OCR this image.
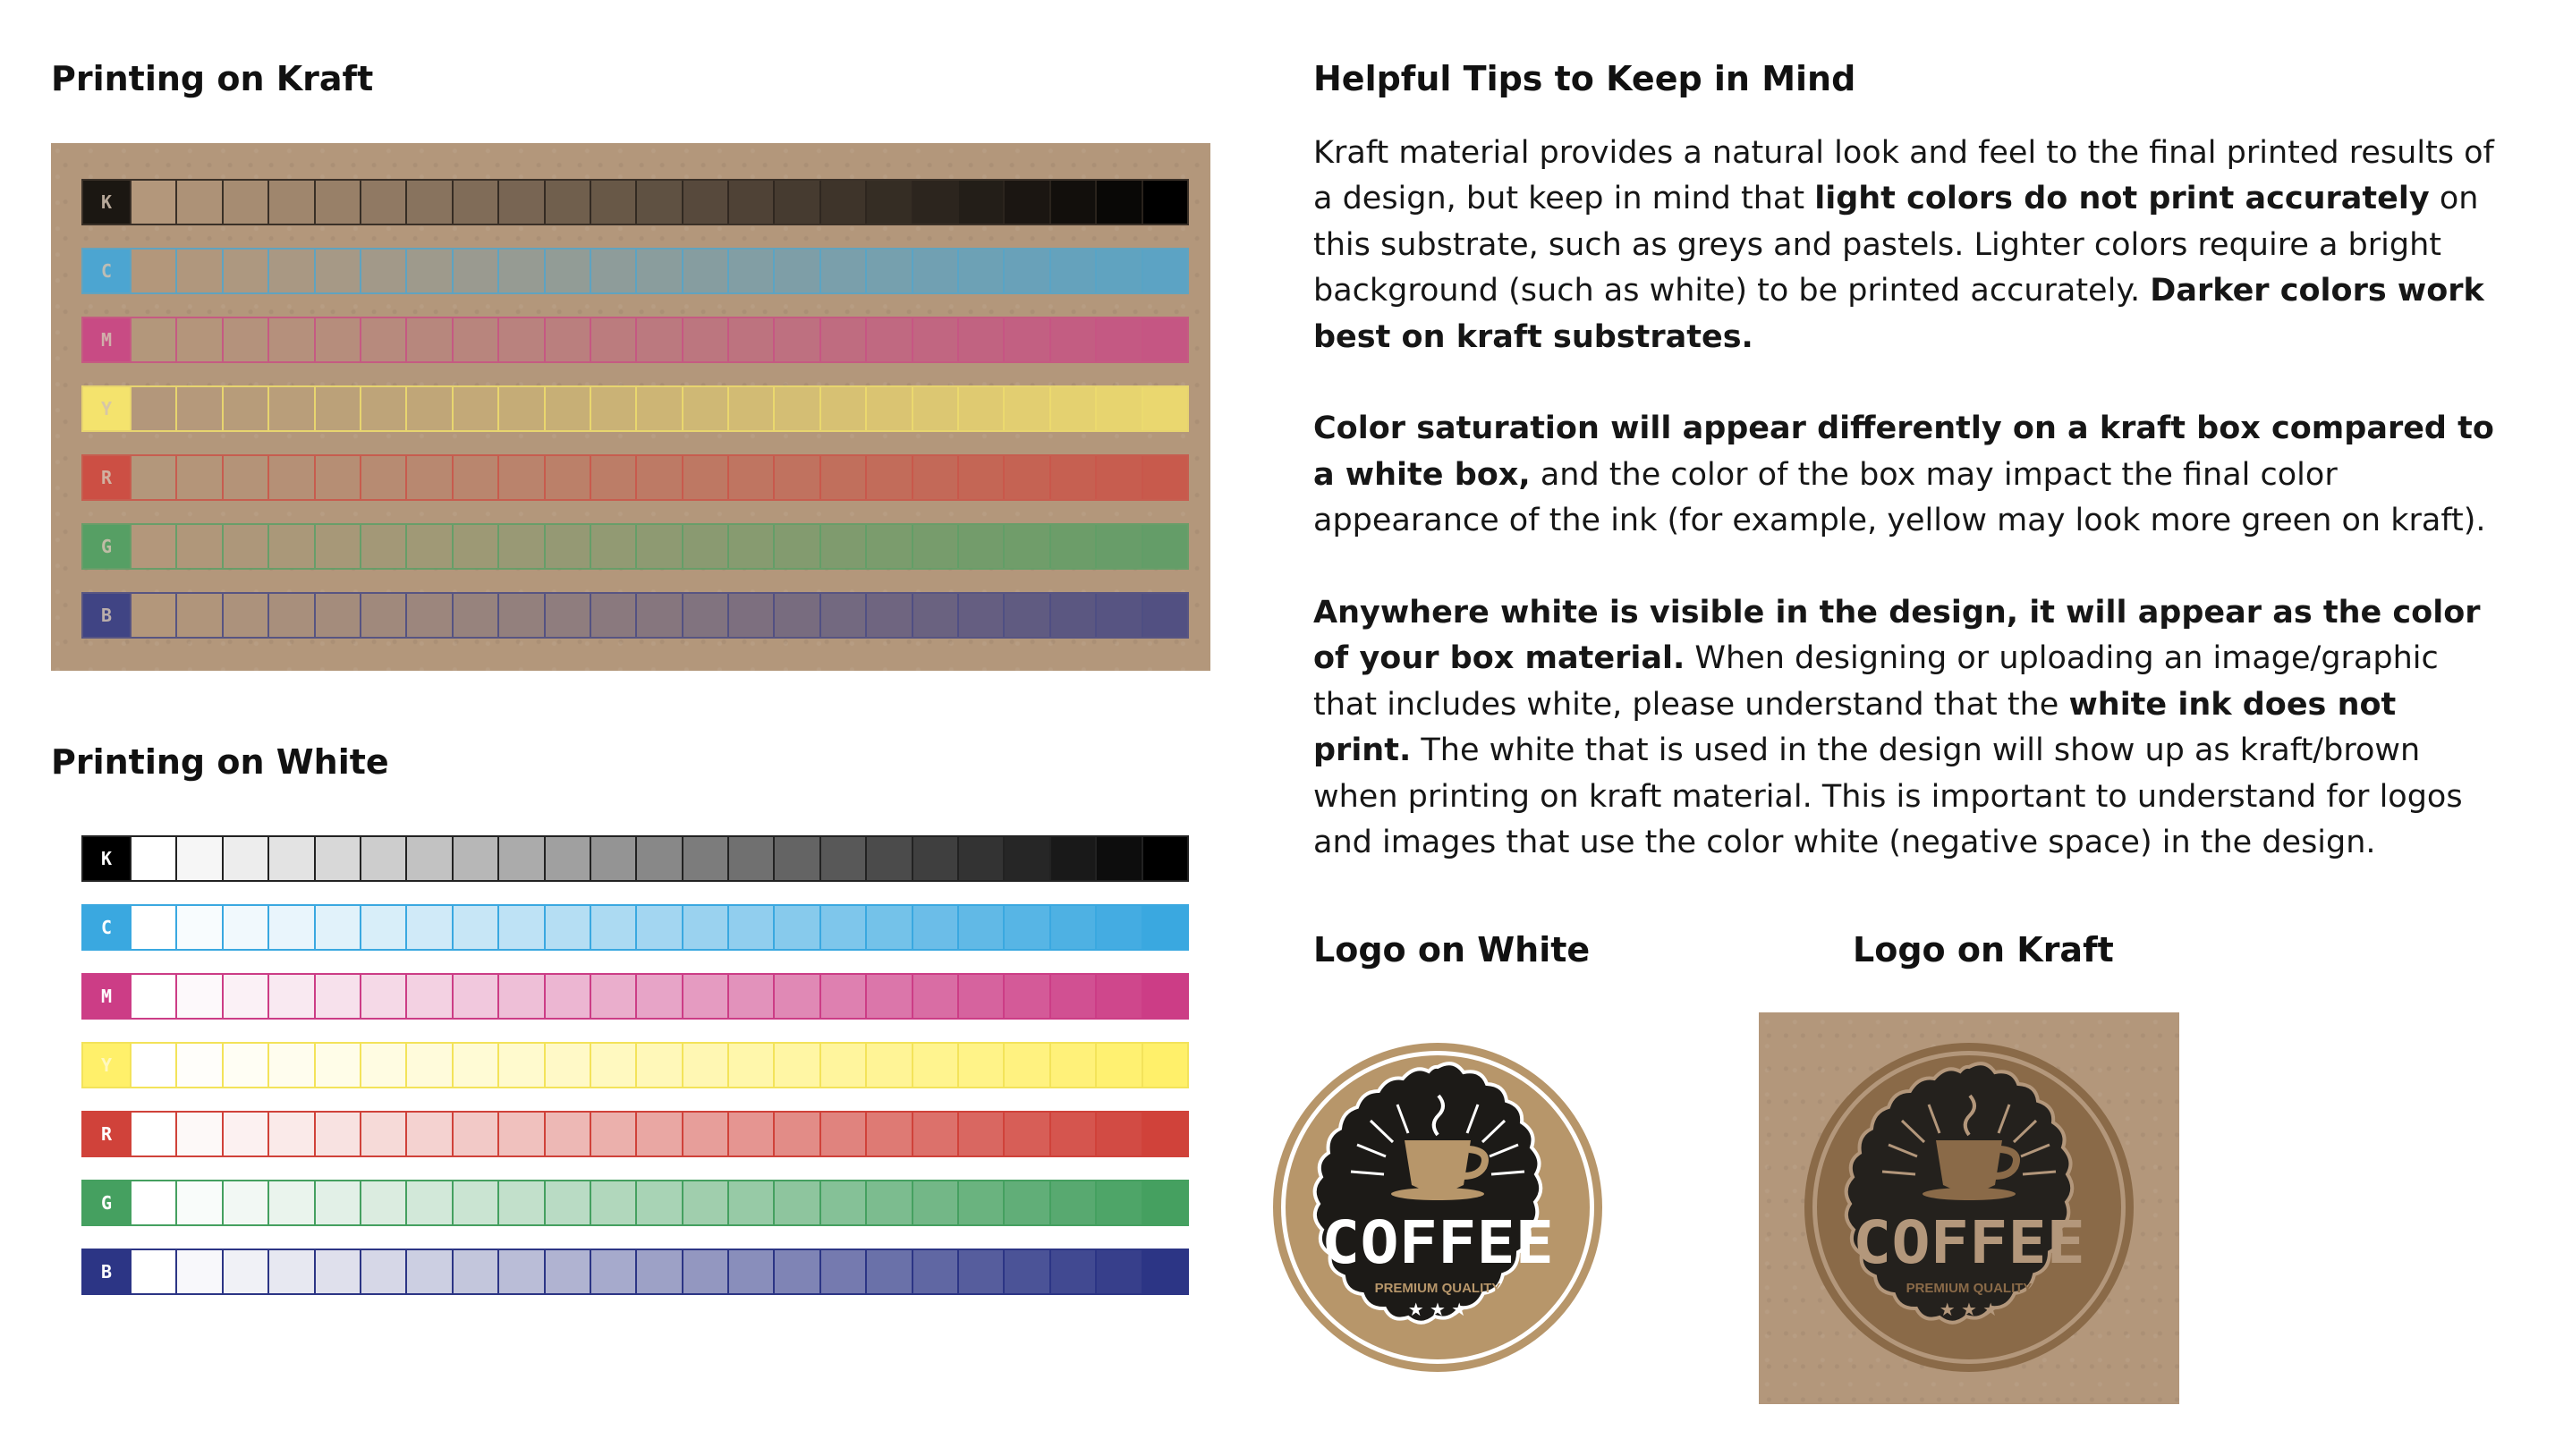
Printing on Kraft
K
C
M
Y
R
G
B
Printing on White
K
C
M
Y
R
G
B
Helpful Tips to Keep in Mind

Kraft material provides a natural look and feel to the final printed results of a design, but keep in mind that light colors do not print accurately on this substrate, such as greys and pastels. Lighter colors require a bright background (such as white) to be printed accurately. Darker colors work best on kraft substrates.

Color saturation will appear differently on a kraft box compared to a white box, and the color of the box may impact the final color appearance of the ink (for example, yellow may look more green on kraft).

Anywhere white is visible in the design, it will appear as the color of your box material. When designing or uploading an image/graphic that includes white, please understand that the white ink does not print. The white that is used in the design will show up as kraft/brown when printing on kraft material. This is important to understand for logos and images that use the color white (negative space) in the design.

Logo on White	Logo on Kraft
COFFEE
PREMIUM QUALITY
★ ★ ★
COFFEE
PREMIUM QUALITY
★ ★ ★
